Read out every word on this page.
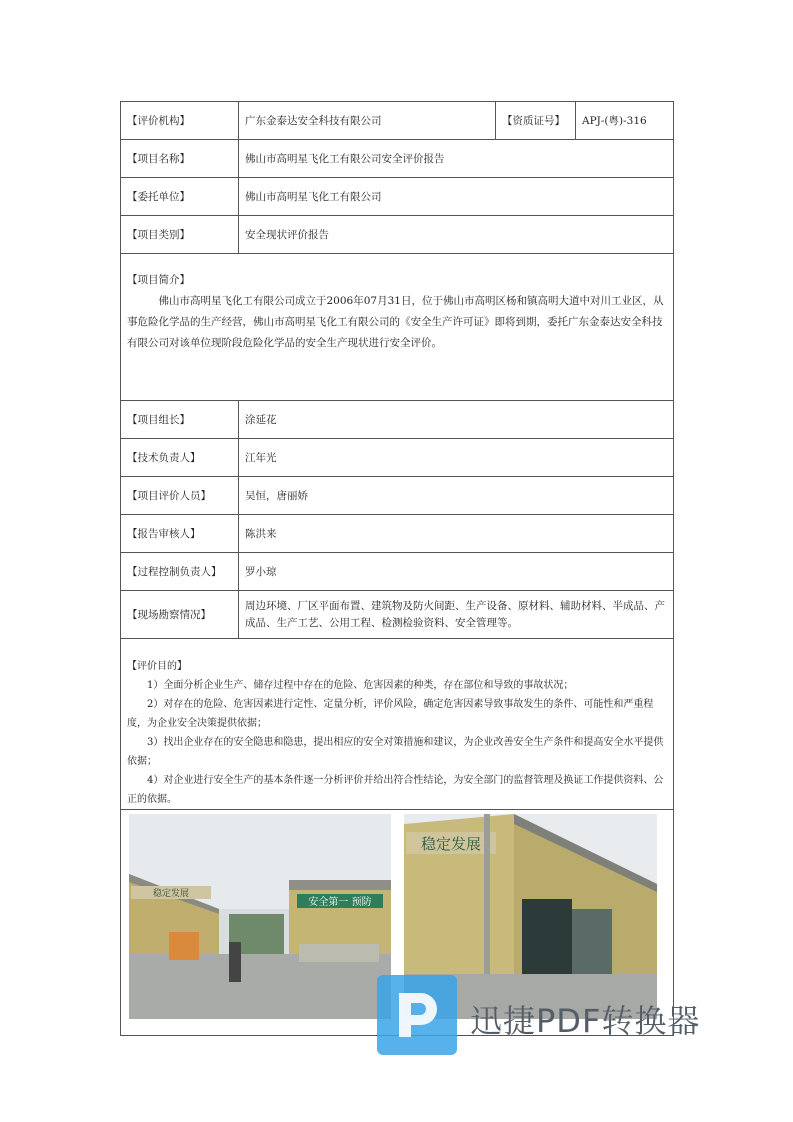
【评价机构】	广东金泰达安全科技有限公司	【资质证号】	APJ-(粤)-316
【项目名称】	佛山市高明星飞化工有限公司安全评价报告		
【委托单位】	佛山市高明星飞化工有限公司		
【项目类别】	安全现状评价报告		

【项目简介】

佛山市高明星飞化工有限公司成立于2006年07月31日，位于佛山市高明区杨和镇高明大道中对川工业区，从事危险化学品的生产经营，佛山市高明星飞化工有限公司的《安全生产许可证》即将到期，委托广东金泰达安全科技有限公司对该单位现阶段危险化学品的安全生产现状进行安全评价。			

【项目组长】	涂延花		
【技术负责人】	江年光		
【项目评价人员】	吴恒，唐丽娇		
【报告审核人】	陈洪来		
【过程控制负责人】	罗小琼		
【现场勘察情况】	周边环境、厂区平面布置、建筑物及防火间距、生产设备、原材料、辅助材料、半成品、产成品、生产工艺、公用工程、检测检验资料、安全管理等。		

【评价目的】

1）全面分析企业生产、储存过程中存在的危险、危害因素的种类，存在部位和导致的事故状况；

2）对存在的危险、危害因素进行定性、定量分析，评价风险，确定危害因素导致事故发生的条件、可能性和严重程度，为企业安全决策提供依据；

3）找出企业存在的安全隐患和隐患，提出相应的安全对策措施和建议，为企业改善安全生产条件和提高安全水平提供依据；

4）对企业进行安全生产的基本条件逐一分析评价并给出符合性结论，为安全部门的监督管理及换证工作提供资料、公正的依据。			

安全第一 预防
稳定发展
稳定发展			
迅捷PDF转换器
